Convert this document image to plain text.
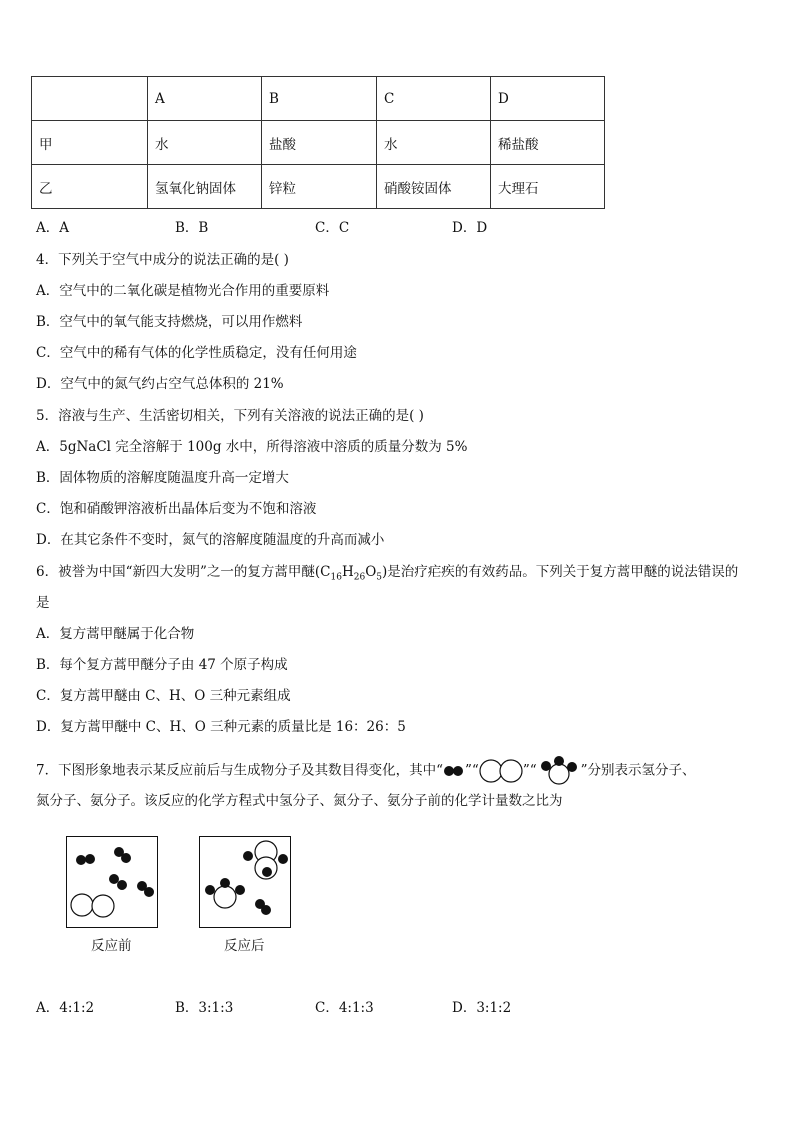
	A	B	C	D
甲	水	盐酸	水	稀盐酸
乙	氢氧化钠固体	锌粒	硝酸铵固体	大理石
A．A	B．B	C．C	D．D
4．下列关于空气中成分的说法正确的是( )
A．空气中的二氧化碳是植物光合作用的重要原料
B．空气中的氧气能支持燃烧，可以用作燃料
C．空气中的稀有气体的化学性质稳定，没有任何用途
D．空气中的氮气约占空气总体积的 21%
5．溶液与生产、生活密切相关，下列有关溶液的说法正确的是( )
A．5gNaCl 完全溶解于 100g 水中，所得溶液中溶质的质量分数为 5%
B．固体物质的溶解度随温度升高一定增大
C．饱和硝酸钾溶液析出晶体后变为不饱和溶液
D．在其它条件不变时，氮气的溶解度随温度的升高而减小
6．被誉为中国“新四大发明”之一的复方蒿甲醚$(C_{16}H_{26}O_5)$是治疗疟疾的有效药品。下列关于复方蒿甲醚的说法错误的
是
A．复方蒿甲醚属于化合物
B．每个复方蒿甲醚分子由 47 个原子构成
C．复方蒿甲醚由 C、H、O 三种元素组成
D．复方蒿甲醚中 C、H、O 三种元素的质量比是 16：26：5
7．下图形象地表示某反应前后与生成物分子及其数目得变化，其中“ ”“	”“	”分别表示氢分子、
氮分子、氨分子。该反应的化学方程式中氢分子、氮分子、氨分子前的化学计量数之比为
反应前	反应后
A．4:1:2	B．3:1:3	C．4:1:3	D．3:1:2
